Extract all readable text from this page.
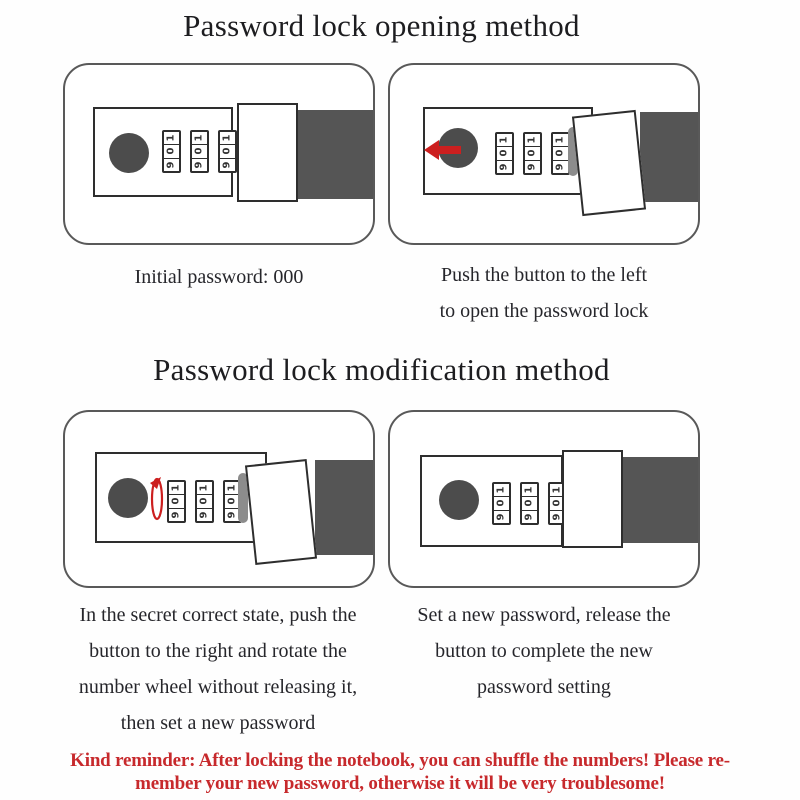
Password lock opening method
1
0
9
1
0
9
1
0
9
1
0
9
1
0
9
1
0
9
Initial password: 000	Push the button to the left
to open the password lock
Password lock modification method
1
0
9
1
0
9
1
0
9
1
0
9
1
0
9
1
0
9
In the secret correct state, push the
button to the right and rotate the
number wheel without releasing it,
then set a new password
Set a new password, release the
button to complete the new
password setting
Kind reminder: After locking the notebook, you can shuffle the numbers! Please re-
member your new password, otherwise it will be very troublesome!
